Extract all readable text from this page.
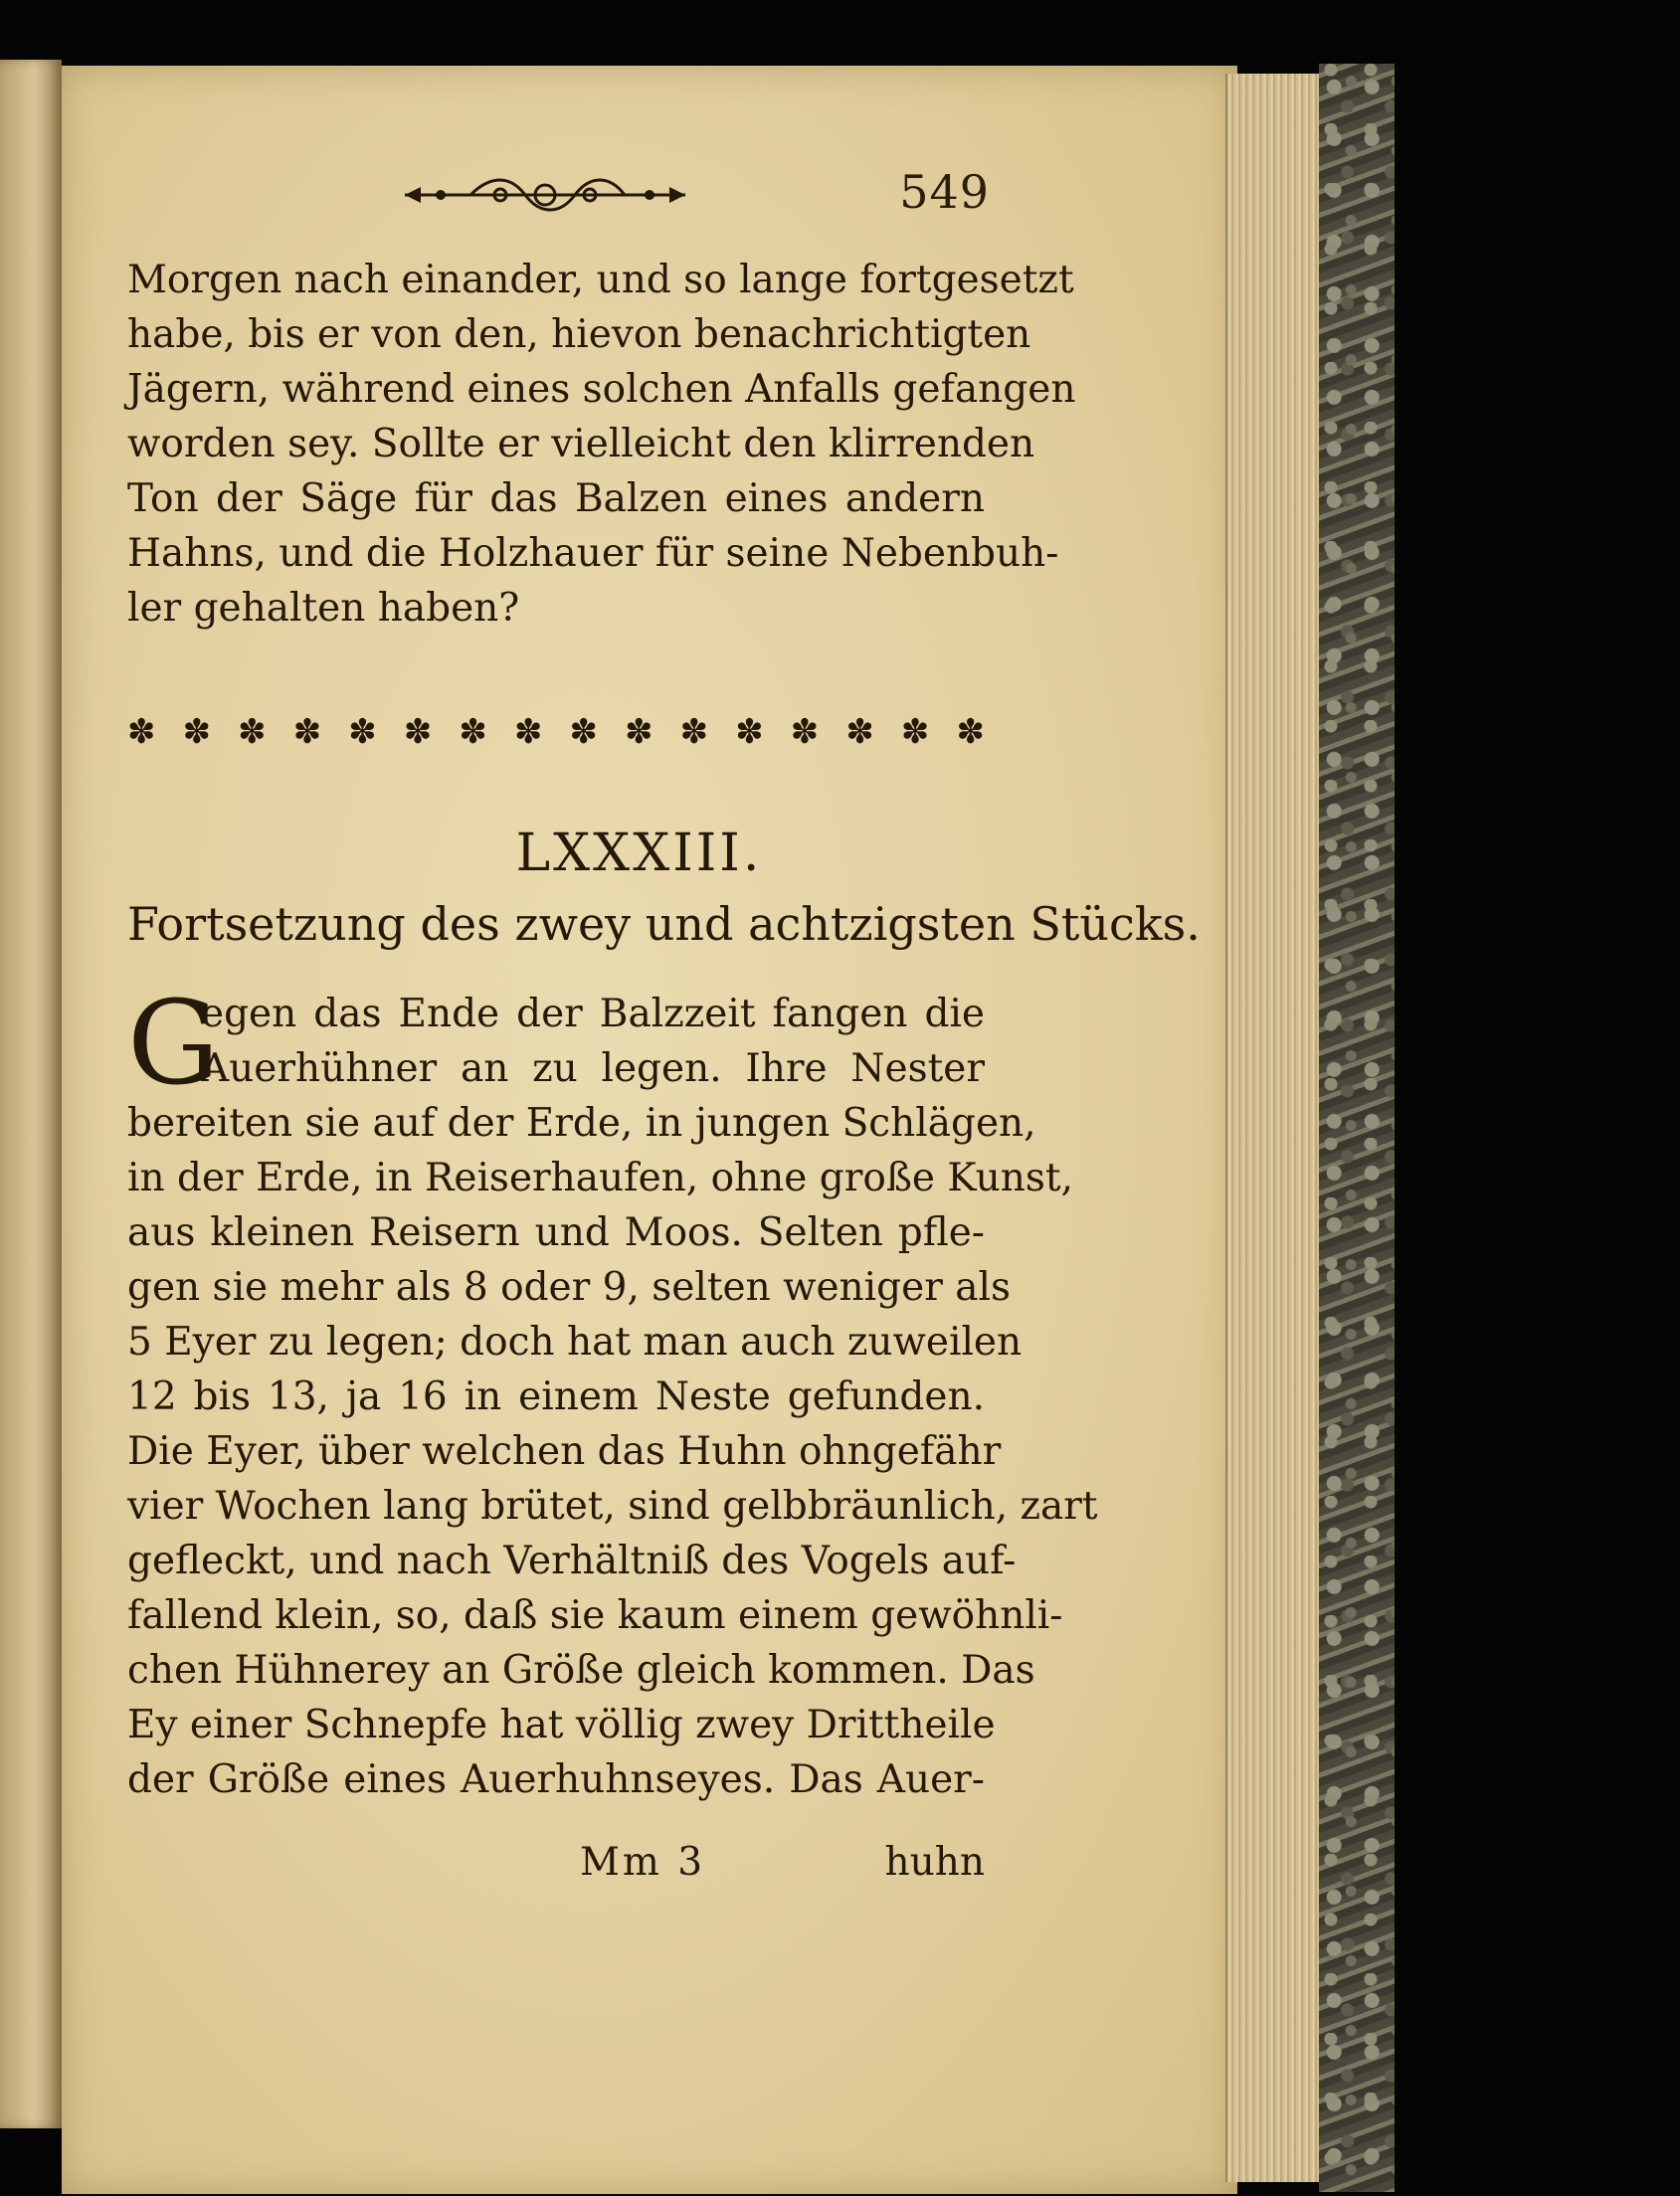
549
Morgen nach einander, und so lange fortgesetzt
habe, bis er von den, hievon benachrichtigten
Jägern, während eines solchen Anfalls gefangen
worden sey. Sollte er vielleicht den klirrenden
Ton der Säge für das Balzen eines andern
Hahns, und die Holzhauer für seine Nebenbuh-
ler gehalten haben?
✽ ✽ ✽ ✽ ✽ ✽ ✽ ✽ ✽ ✽ ✽ ✽ ✽ ✽ ✽ ✽
LXXXIII.
Fortsetzung des zwey und achtzigsten Stücks.
G
egen das Ende der Balzzeit fangen die
Auerhühner an zu legen. Ihre Nester
bereiten sie auf der Erde, in jungen Schlägen,
in der Erde, in Reiserhaufen, ohne große Kunst,
aus kleinen Reisern und Moos. Selten pfle-
gen sie mehr als 8 oder 9, selten weniger als
5 Eyer zu legen; doch hat man auch zuweilen
12 bis 13, ja 16 in einem Neste gefunden.
Die Eyer, über welchen das Huhn ohngefähr
vier Wochen lang brütet, sind gelbbräunlich, zart
gefleckt, und nach Verhältniß des Vogels auf-
fallend klein, so, daß sie kaum einem gewöhnli-
chen Hühnerey an Größe gleich kommen. Das
Ey einer Schnepfe hat völlig zwey Drittheile
der Größe eines Auerhuhnseyes. Das Auer-
Mm 3	huhn
